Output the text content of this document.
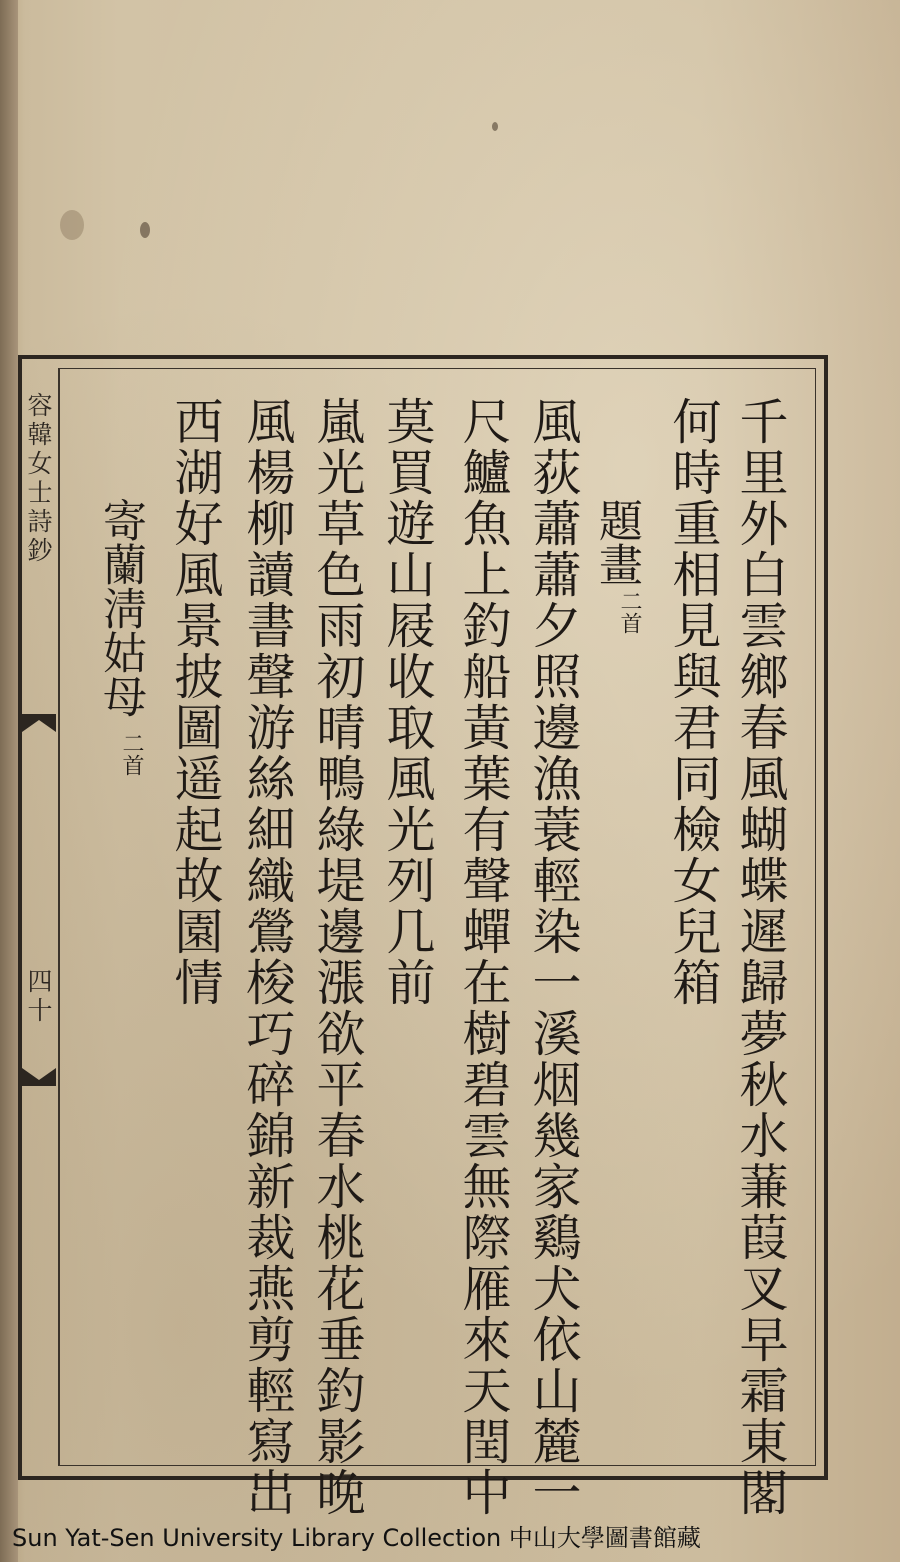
容韓女士詩鈔
四十	千里外白雲鄉春風蝴蝶遲歸夢秋水蒹葭叉早霜東閣
何時重相見與君同檢女兒箱
題畫
二首
風荻蕭蕭夕照邊漁蓑輕染一溪烟幾家鷄犬依山麓一
尺鱸魚上釣船黃葉有聲蟬在樹碧雲無際雁來天閏中
莫買遊山屐收取風光列几前
嵐光草色雨初晴鴨綠堤邊漲欲平春水桃花垂釣影晚
風楊柳讀書聲游絲細織鶯梭巧碎錦新裁燕剪輕寫出
西湖好風景披圖遥起故園情
寄蘭淸姑母
二首
Sun Yat-Sen University Library Collection 中山大學圖書館藏
